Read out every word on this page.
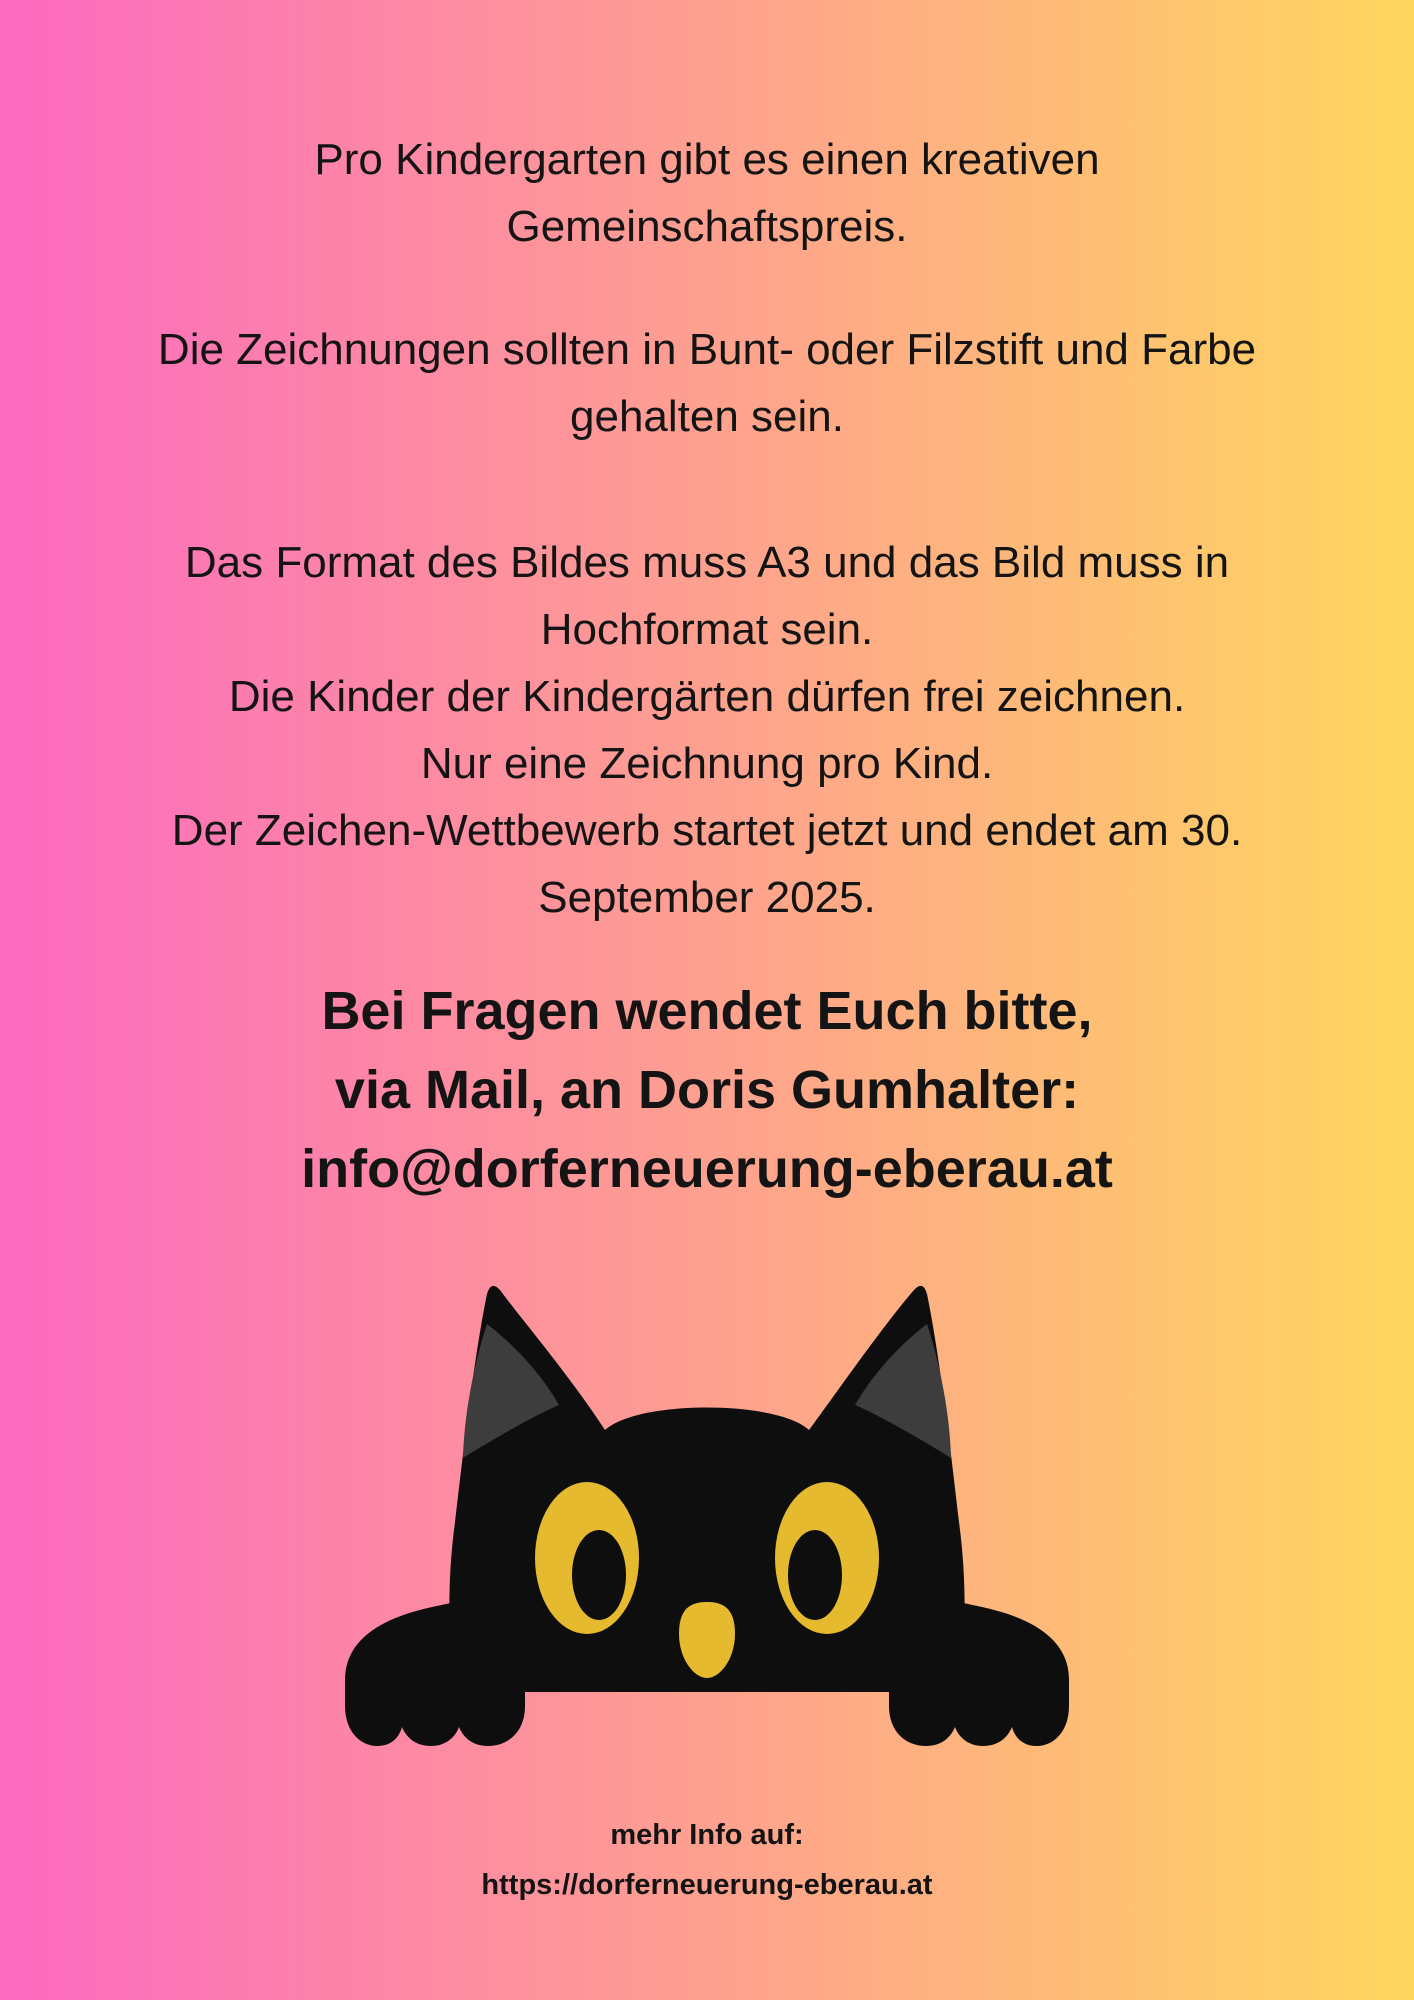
Pro Kindergarten gibt es einen kreativen
Gemeinschaftspreis.
Die Zeichnungen sollten in Bunt- oder Filzstift und Farbe
gehalten sein.
Das Format des Bildes muss A3 und das Bild muss in
Hochformat sein.
Die Kinder der Kindergärten dürfen frei zeichnen.
Nur eine Zeichnung pro Kind.
Der Zeichen-Wettbewerb startet jetzt und endet am 30.
September 2025.
Bei Fragen wendet Euch bitte,
via Mail, an Doris Gumhalter:
info@dorferneuerung-eberau.at
mehr Info auf:
https://dorferneuerung-eberau.at
